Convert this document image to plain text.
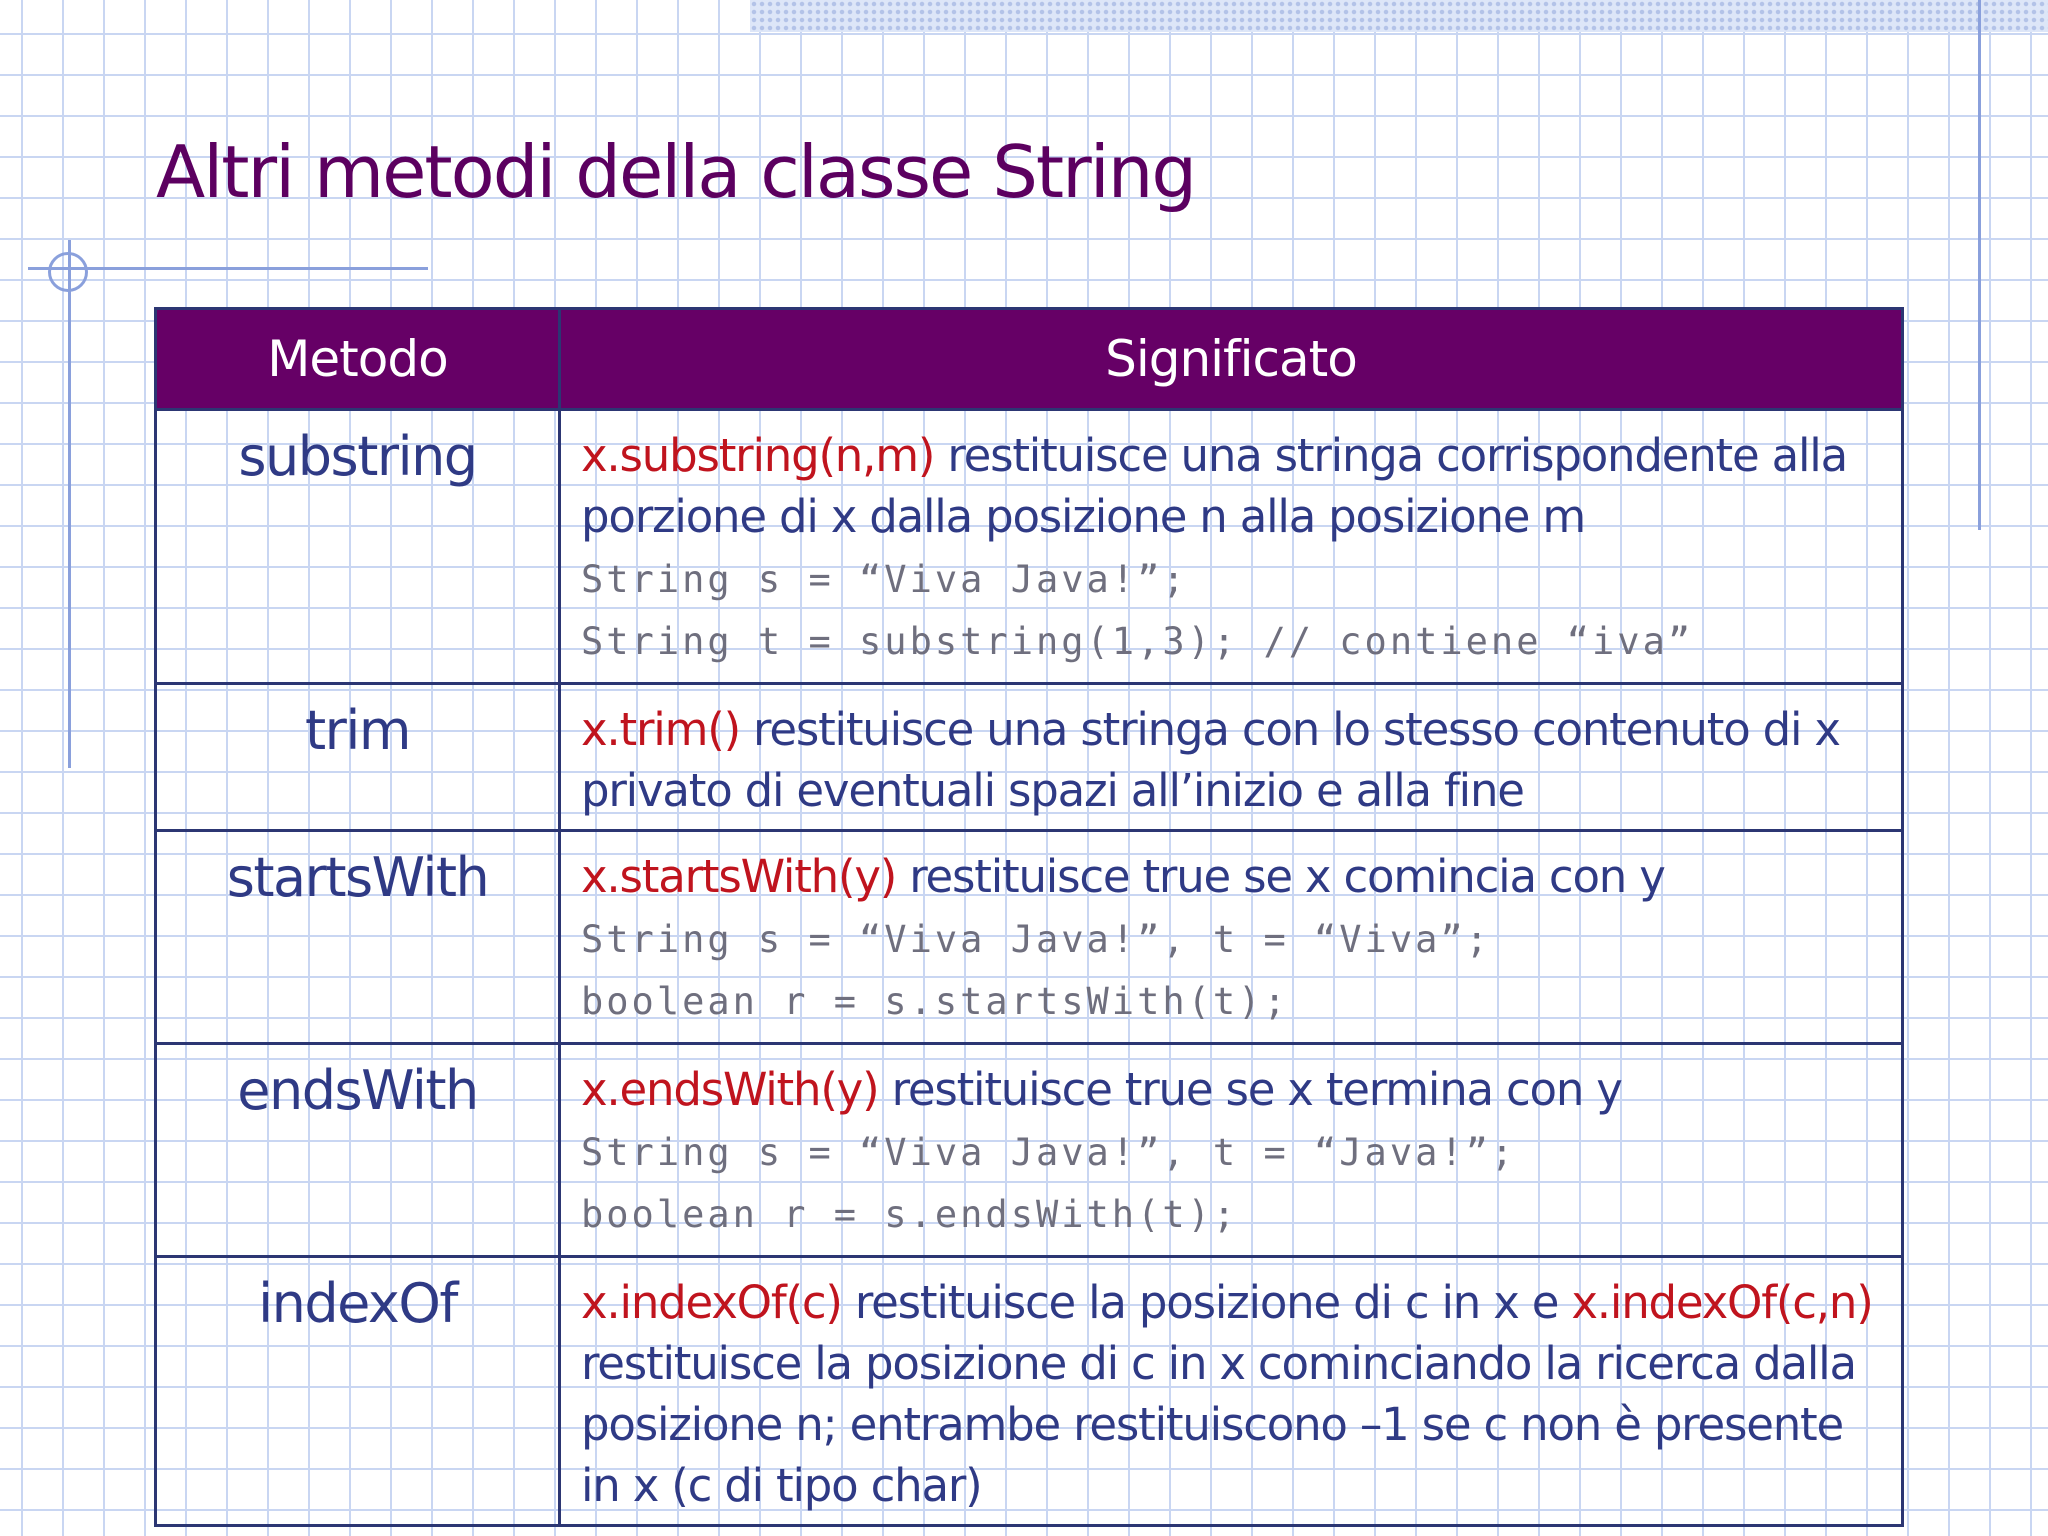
Altri metodi della classe String
Metodo	Significato
substring	x.substring(n,m) restituisce una stringa corrispondente alla porzione di x dalla posizione n alla posizione m
String s = “Viva Java!”;
String t = substring(1,3); // contiene “iva”

trim	x.trim() restituisce una stringa con lo stesso contenuto di x privato di eventuali spazi all’inizio e alla fine

startsWith	x.startsWith(y) restituisce true se x comincia con y
String s = “Viva Java!”, t = “Viva”;
boolean r = s.startsWith(t);

endsWith	x.endsWith(y) restituisce true se x termina con y
String s = “Viva Java!”, t = “Java!”;
boolean r = s.endsWith(t);

indexOf	x.indexOf(c) restituisce la posizione di c in x e x.indexOf(c,n) restituisce la posizione di c in x cominciando la ricerca dalla posizione n; entrambe restituiscono –1 se c non è presente in x (c di tipo char)
